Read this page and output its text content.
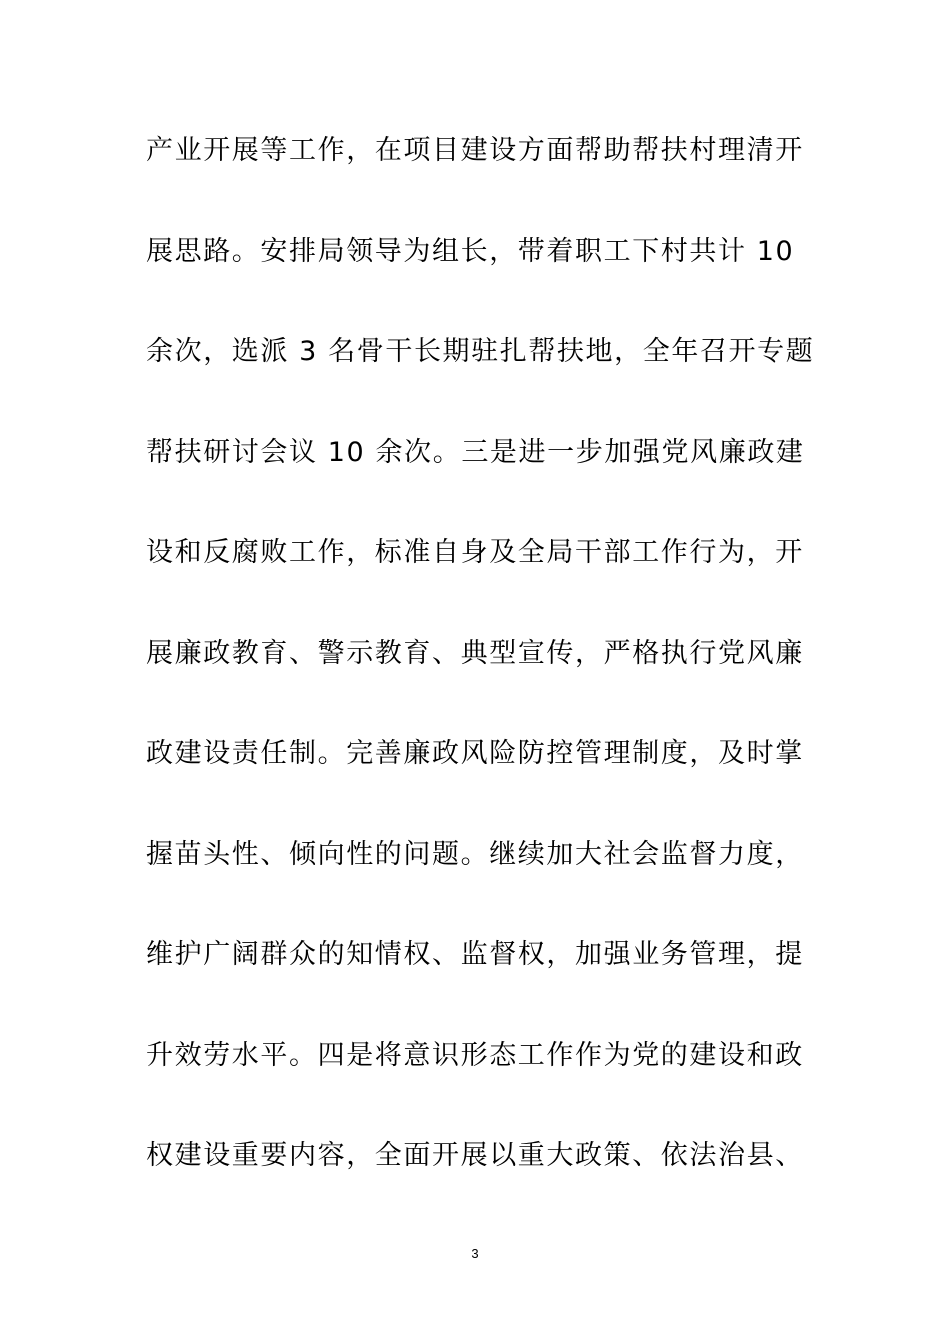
产业开展等工作，在项目建设方面帮助帮扶村理清开
展思路。安排局领导为组长，带着职工下村共计 10
余次，选派 3 名骨干长期驻扎帮扶地，全年召开专题
帮扶研讨会议 10 余次。三是进一步加强党风廉政建
设和反腐败工作，标准自身及全局干部工作行为，开
展廉政教育、警示教育、典型宣传，严格执行党风廉
政建设责任制。完善廉政风险防控管理制度，及时掌
握苗头性、倾向性的问题。继续加大社会监督力度，
维护广阔群众的知情权、监督权，加强业务管理，提
升效劳水平。四是将意识形态工作作为党的建设和政
权建设重要内容，全面开展以重大政策、依法治县、
3
